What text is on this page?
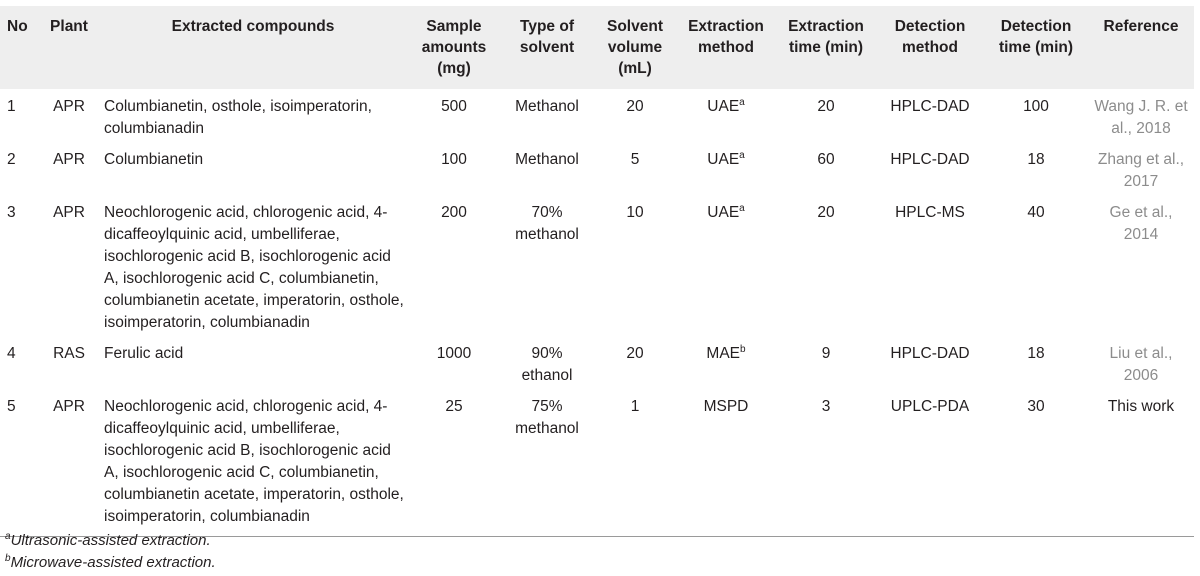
No	Plant	Extracted compounds	Sample amounts (mg)	Type of solvent	Solvent volume (mL)	Extraction method	Extraction time (min)	Detection method	Detection time (min)	Reference
1	APR	Columbianetin, osthole, isoimperatorin, columbianadin	500	Methanol	20	UAE$^a$	20	HPLC-DAD	100	Wang J. R. et al., 2018
2	APR	Columbianetin	100	Methanol	5	UAE$^a$	60	HPLC-DAD	18	Zhang et al., 2017
3	APR	Neochlorogenic acid, chlorogenic acid, 4-dicaffeoylquinic acid, umbelliferae, isochlorogenic acid B, isochlorogenic acid A, isochlorogenic acid C, columbianetin, columbianetin acetate, imperatorin, osthole, isoimperatorin, columbianadin	200	70% methanol	10	UAE$^a$	20	HPLC-MS	40	Ge et al., 2014
4	RAS	Ferulic acid	1000	90% ethanol	20	MAE$^b$	9	HPLC-DAD	18	Liu et al., 2006
5	APR	Neochlorogenic acid, chlorogenic acid, 4-dicaffeoylquinic acid, umbelliferae, isochlorogenic acid B, isochlorogenic acid A, isochlorogenic acid C, columbianetin, columbianetin acetate, imperatorin, osthole, isoimperatorin, columbianadin	25	75% methanol	1	MSPD	3	UPLC-PDA	30	This work
$^a$Ultrasonic-assisted extraction.
$^b$Microwave-assisted extraction.
